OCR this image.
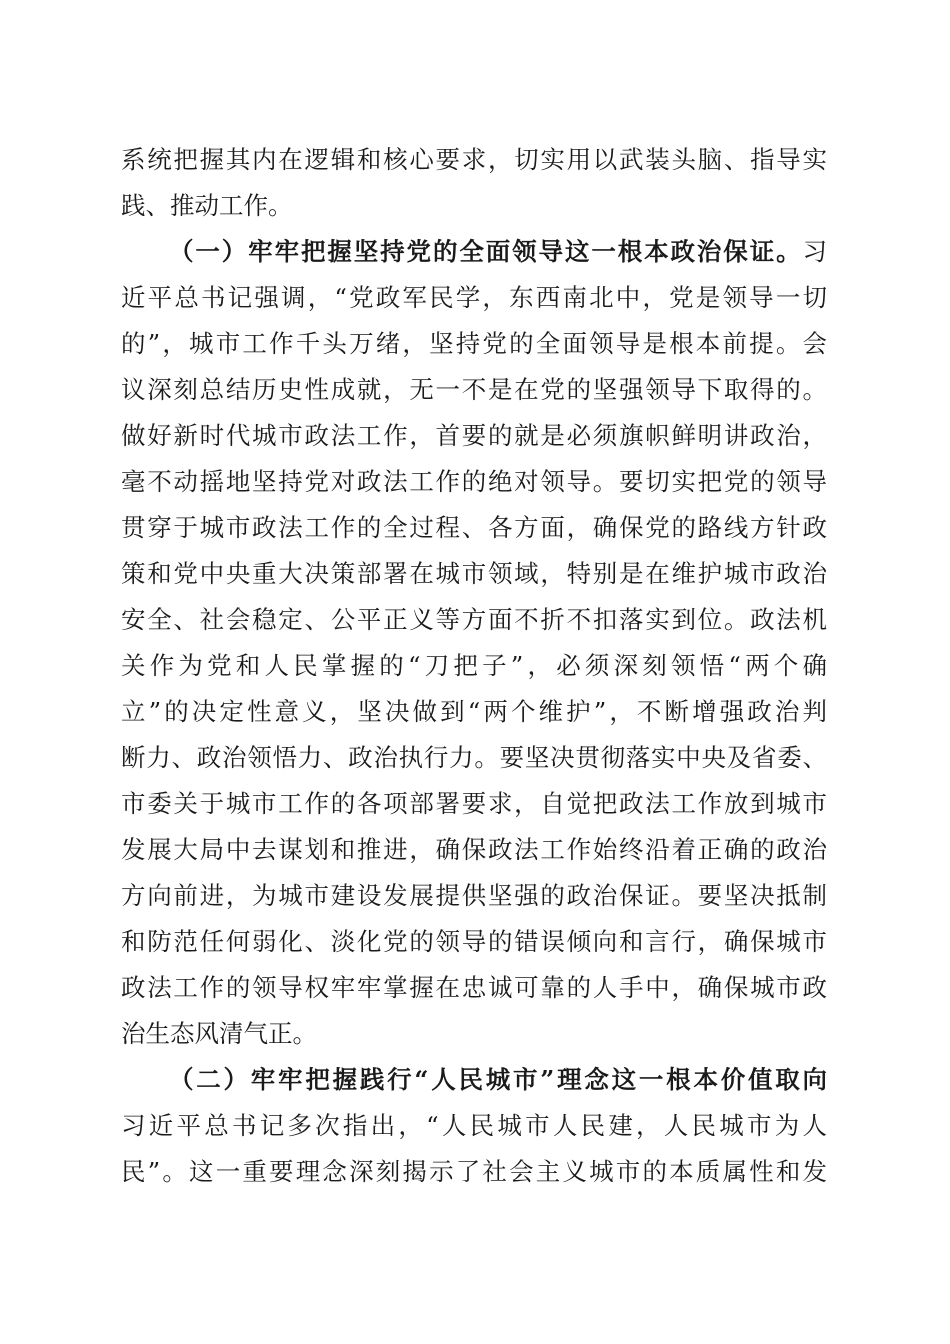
系统把握其内在逻辑和核心要求，切实用以武装头脑、指导实

践、推动工作。

（一）牢牢把握坚持党的全面领导这一根本政治保证。习

近平总书记强调，“党政军民学，东西南北中，党是领导一切

的”，城市工作千头万绪，坚持党的全面领导是根本前提。会

议深刻总结历史性成就，无一不是在党的坚强领导下取得的。

做好新时代城市政法工作，首要的就是必须旗帜鲜明讲政治，

毫不动摇地坚持党对政法工作的绝对领导。要切实把党的领导

贯穿于城市政法工作的全过程、各方面，确保党的路线方针政

策和党中央重大决策部署在城市领域，特别是在维护城市政治

安全、社会稳定、公平正义等方面不折不扣落实到位。政法机

关作为党和人民掌握的“刀把子”，必须深刻领悟“两个确

立”的决定性意义，坚决做到“两个维护”，不断增强政治判

断力、政治领悟力、政治执行力。要坚决贯彻落实中央及省委、

市委关于城市工作的各项部署要求，自觉把政法工作放到城市

发展大局中去谋划和推进，确保政法工作始终沿着正确的政治

方向前进，为城市建设发展提供坚强的政治保证。要坚决抵制

和防范任何弱化、淡化党的领导的错误倾向和言行，确保城市

政法工作的领导权牢牢掌握在忠诚可靠的人手中，确保城市政

治生态风清气正。

（二）牢牢把握践行“人民城市”理念这一根本价值取向

习近平总书记多次指出，“人民城市人民建，人民城市为人

民”。这一重要理念深刻揭示了社会主义城市的本质属性和发
